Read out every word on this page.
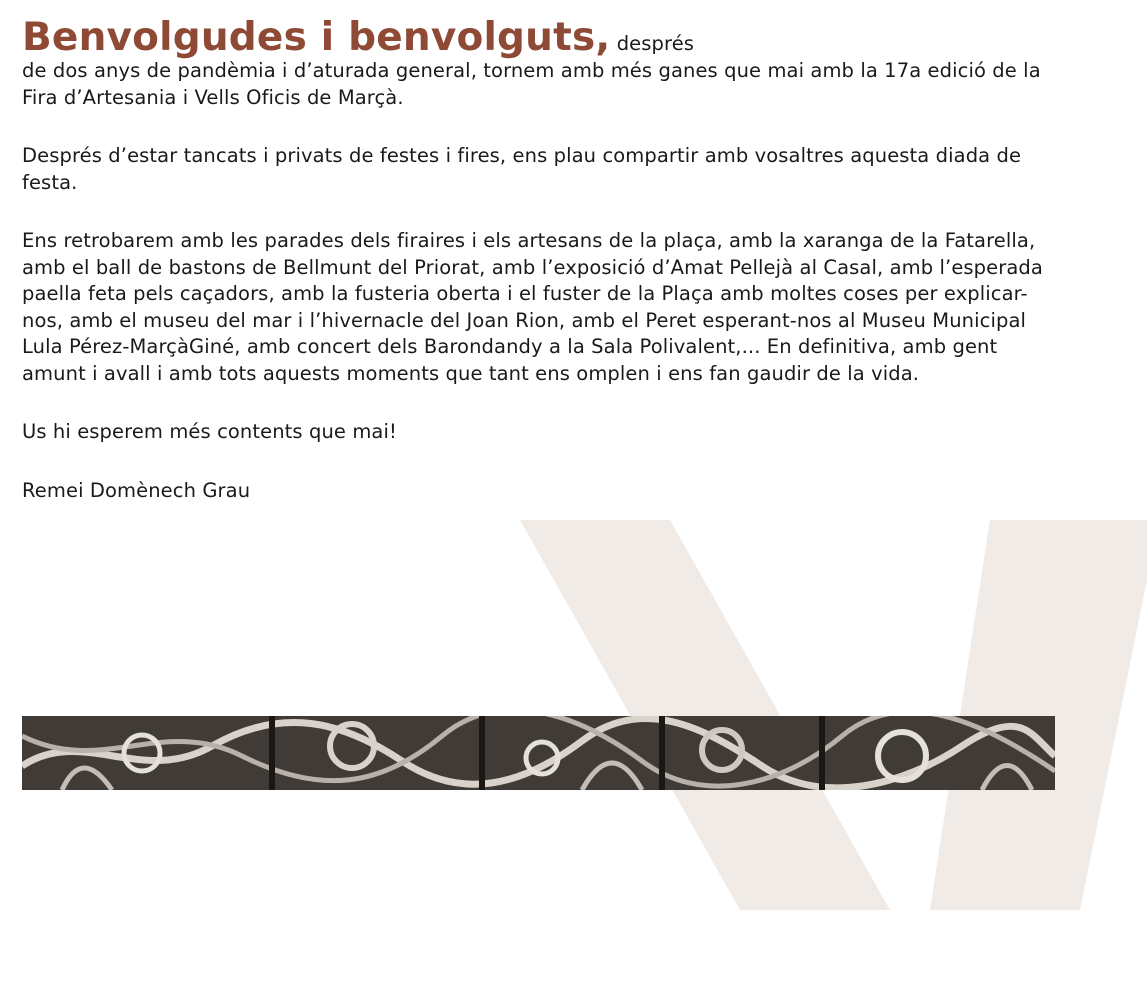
Benvolgudes i benvolguts, després
de dos anys de pandèmia i d’aturada general, tornem amb més ganes que mai amb la 17a edició de la Fira d’Artesania i Vells Oficis de Marçà.

Després d’estar tancats i privats de festes i fires, ens plau compartir amb vosaltres aquesta diada de festa.

Ens retrobarem amb les parades dels firaires i els artesans de la plaça, amb la xaranga de la Fatarella, amb el ball de bastons de Bellmunt del Priorat, amb l’exposició d’Amat Pellejà al Casal, amb l’esperada paella feta pels caçadors, amb la fusteria oberta i el fuster de la Plaça amb moltes coses per explicar-nos, amb el museu del mar i l’hivernacle del Joan Rion, amb el Peret esperant-nos al Museu Municipal Lula Pérez-MarçàGiné, amb concert dels Barondandy a la Sala Polivalent,... En definitiva, amb gent amunt i avall i amb tots aquests moments que tant ens omplen i ens fan gaudir de la vida.

Us hi esperem més contents que mai!

Remei Domènech Grau
